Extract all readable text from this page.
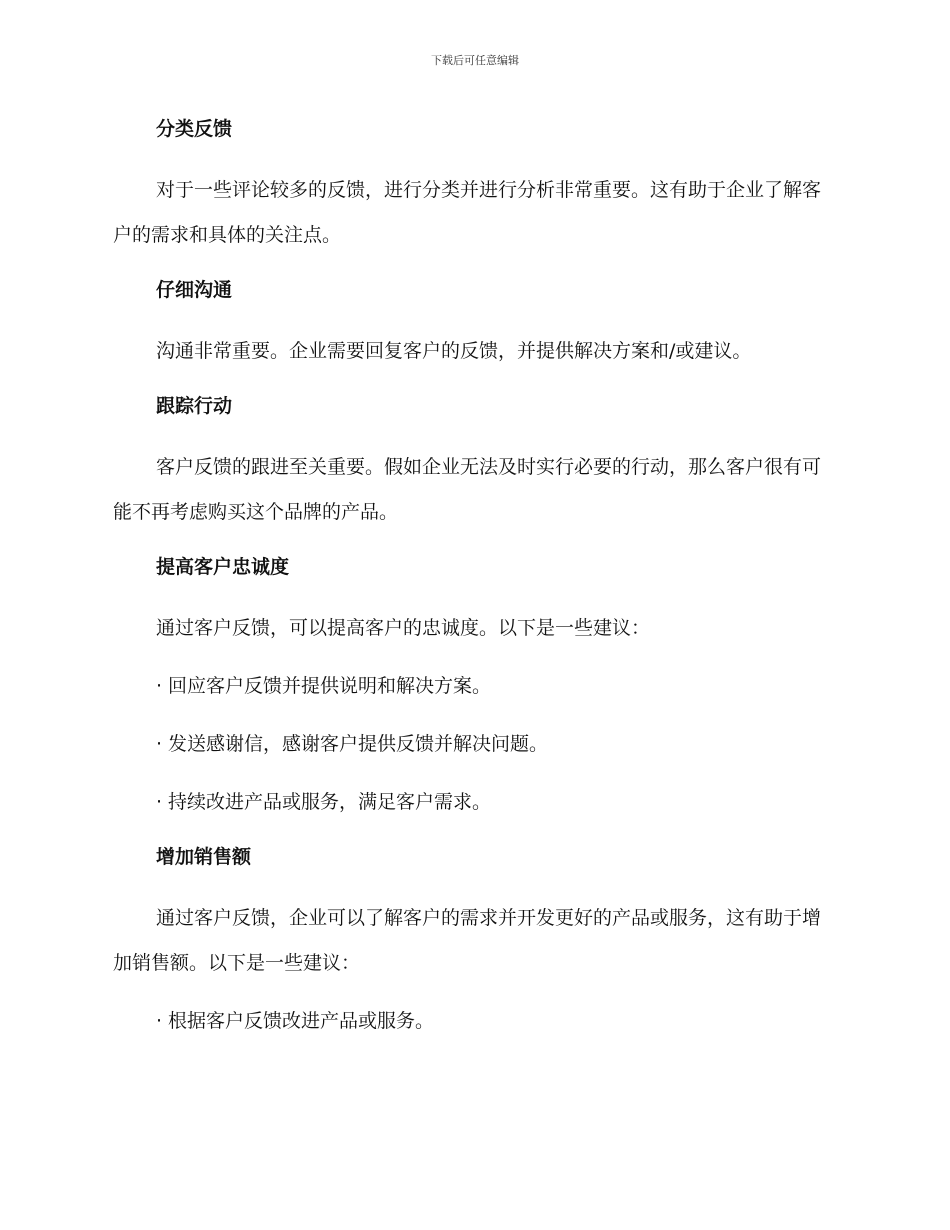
下载后可任意编辑
分类反馈

对于一些评论较多的反馈，进行分类并进行分析非常重要。这有助于企业了解客户的需求和具体的关注点。

仔细沟通

沟通非常重要。企业需要回复客户的反馈，并提供解决方案和/或建议。

跟踪行动

客户反馈的跟进至关重要。假如企业无法及时实行必要的行动，那么客户很有可能不再考虑购买这个品牌的产品。

提高客户忠诚度

通过客户反馈，可以提高客户的忠诚度。以下是一些建议：

· 回应客户反馈并提供说明和解决方案。

· 发送感谢信，感谢客户提供反馈并解决问题。

· 持续改进产品或服务，满足客户需求。

增加销售额

通过客户反馈，企业可以了解客户的需求并开发更好的产品或服务，这有助于增加销售额。以下是一些建议：

· 根据客户反馈改进产品或服务。
